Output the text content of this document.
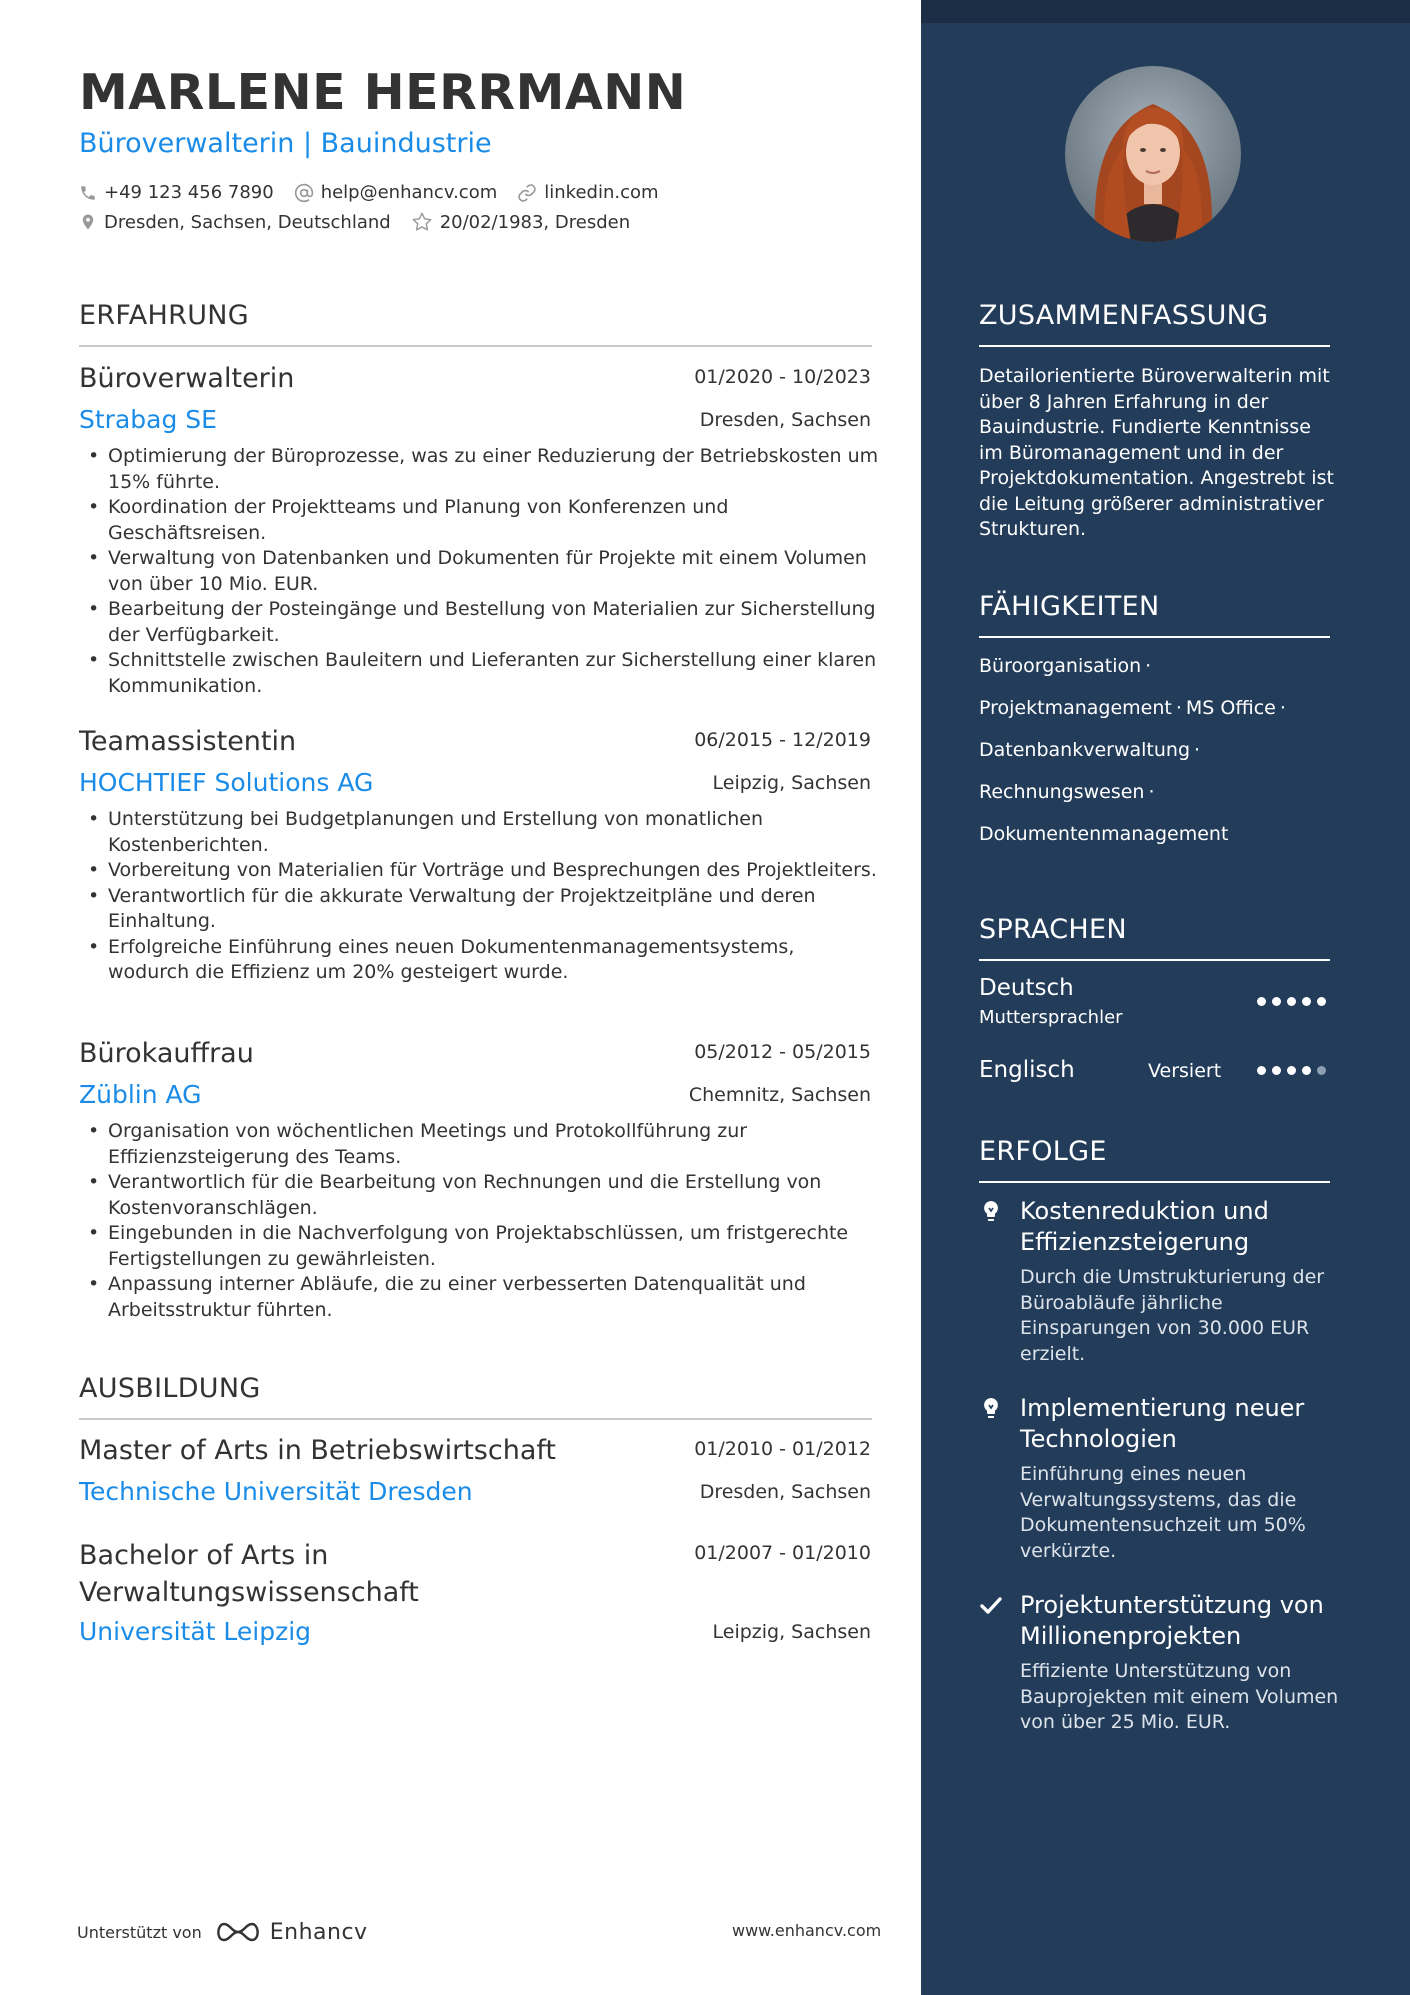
MARLENE HERRMANN
Büroverwalterin | Bauindustrie
+49 123 456 7890	help@enhancv.com	linkedin.com
Dresden, Sachsen, Deutschland	20/02/1983, Dresden
ERFAHRUNG
Büroverwalterin	01/2020 - 10/2023
Strabag SE	Dresden, Sachsen
• Optimierung der Büroprozesse, was zu einer Reduzierung der Betriebskosten um 15% führte.
• Koordination der Projektteams und Planung von Konferenzen und Geschäftsreisen.
• Verwaltung von Datenbanken und Dokumenten für Projekte mit einem Volumen von über 10 Mio. EUR.
• Bearbeitung der Posteingänge und Bestellung von Materialien zur Sicherstellung der Verfügbarkeit.
• Schnittstelle zwischen Bauleitern und Lieferanten zur Sicherstellung einer klaren Kommunikation.
Teamassistentin	06/2015 - 12/2019
HOCHTIEF Solutions AG	Leipzig, Sachsen
• Unterstützung bei Budgetplanungen und Erstellung von monatlichen Kostenberichten.
• Vorbereitung von Materialien für Vorträge und Besprechungen des Projektleiters.
• Verantwortlich für die akkurate Verwaltung der Projektzeitpläne und deren Einhaltung.
• Erfolgreiche Einführung eines neuen Dokumentenmanagementsystems, wodurch die Effizienz um 20% gesteigert wurde.
Bürokauffrau	05/2012 - 05/2015
Züblin AG	Chemnitz, Sachsen
• Organisation von wöchentlichen Meetings und Protokollführung zur Effizienzsteigerung des Teams.
• Verantwortlich für die Bearbeitung von Rechnungen und die Erstellung von Kostenvoranschlägen.
• Eingebunden in die Nachverfolgung von Projektabschlüssen, um fristgerechte Fertigstellungen zu gewährleisten.
• Anpassung interner Abläufe, die zu einer verbesserten Datenqualität und Arbeitsstruktur führten.
AUSBILDUNG
Master of Arts in Betriebswirtschaft	01/2010 - 01/2012
Technische Universität Dresden	Dresden, Sachsen
Bachelor of Arts in Verwaltungswissenschaft
01/2007 - 01/2010
Universität Leipzig	Leipzig, Sachsen
ZUSAMMENFASSUNG
Detailorientierte Büroverwalterin mit über 8 Jahren Erfahrung in der Bauindustrie. Fundierte Kenntnisse im Büromanagement und in der Projektdokumentation. Angestrebt ist die Leitung größerer administrativer Strukturen.
FÄHIGKEITEN
Büroorganisation ·
Projektmanagement · MS Office ·
Datenbankverwaltung ·
Rechnungswesen ·
Dokumentenmanagement
SPRACHEN
Deutsch
Muttersprachler
Englisch	Versiert
ERFOLGE
Kostenreduktion und Effizienzsteigerung
Durch die Umstrukturierung der Büroabläufe jährliche Einsparungen von 30.000 EUR erzielt.
Implementierung neuer Technologien
Einführung eines neuen Verwaltungssystems, das die Dokumentensuchzeit um 50% verkürzte.
Projektunterstützung von Millionenprojekten
Effiziente Unterstützung von Bauprojekten mit einem Volumen von über 25 Mio. EUR.
Unterstützt von	Enhancv	www.enhancv.com
